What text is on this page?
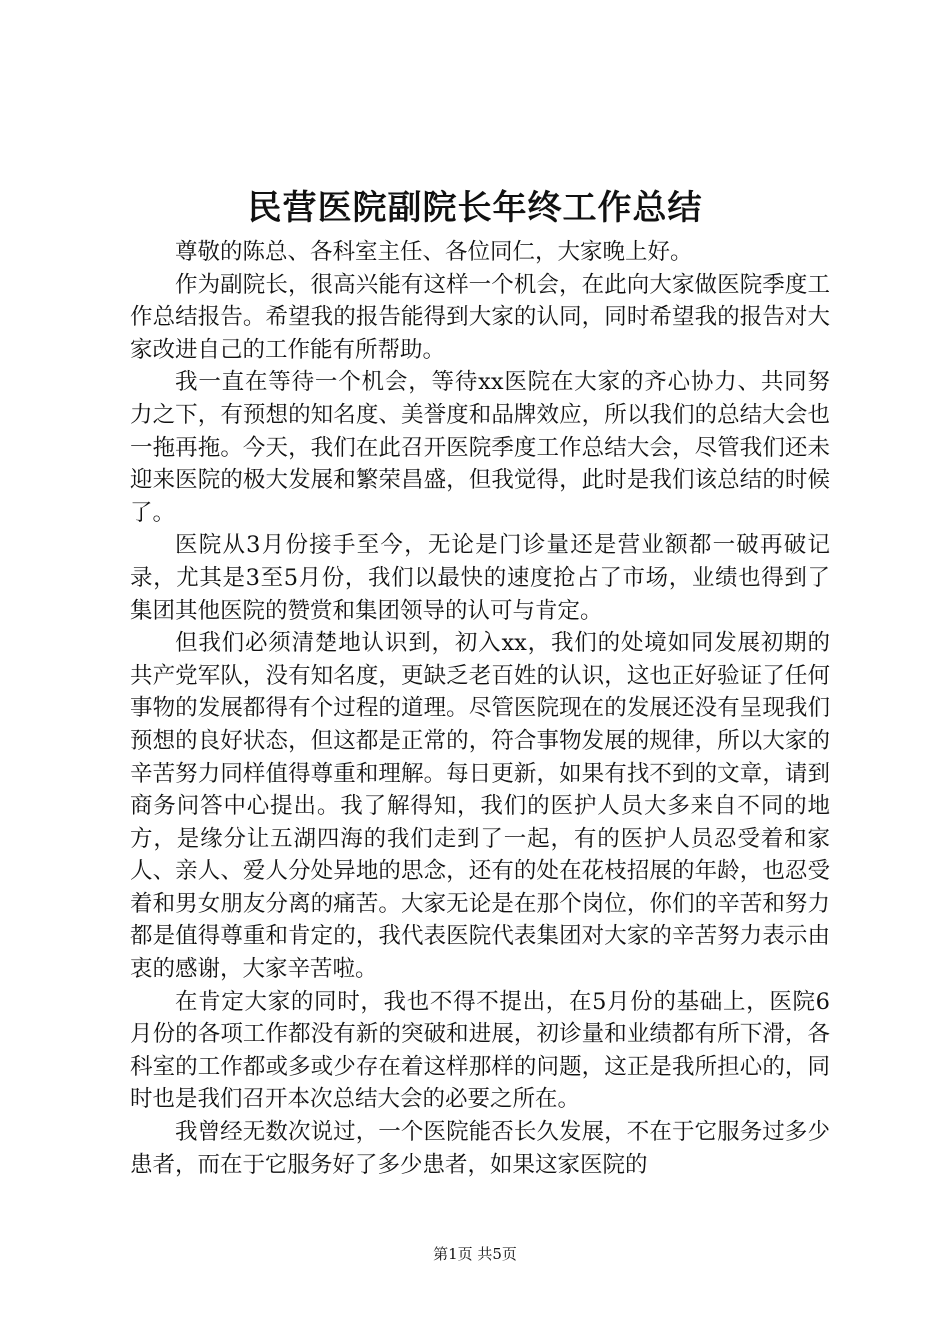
民营医院副院长年终工作总结

尊敬的陈总、各科室主任、各位同仁，大家晚上好。

作为副院长，很高兴能有这样一个机会，在此向大家做医院季度工作总结报告。希望我的报告能得到大家的认同，同时希望我的报告对大家改进自己的工作能有所帮助。

我一直在等待一个机会，等待xx医院在大家的齐心协力、共同努力之下，有预想的知名度、美誉度和品牌效应，所以我们的总结大会也一拖再拖。今天，我们在此召开医院季度工作总结大会，尽管我们还未迎来医院的极大发展和繁荣昌盛，但我觉得，此时是我们该总结的时候了。

医院从3月份接手至今，无论是门诊量还是营业额都一破再破记录，尤其是3至5月份，我们以最快的速度抢占了市场，业绩也得到了集团其他医院的赞赏和集团领导的认可与肯定。

但我们必须清楚地认识到，初入xx，我们的处境如同发展初期的共产党军队，没有知名度，更缺乏老百姓的认识，这也正好验证了任何事物的发展都得有个过程的道理。尽管医院现在的发展还没有呈现我们预想的良好状态，但这都是正常的，符合事物发展的规律，所以大家的辛苦努力同样值得尊重和理解。每日更新，如果有找不到的文章，请到商务问答中心提出。我了解得知，我们的医护人员大多来自不同的地方，是缘分让五湖四海的我们走到了一起，有的医护人员忍受着和家人、亲人、爱人分处异地的思念，还有的处在花枝招展的年龄，也忍受着和男女朋友分离的痛苦。大家无论是在那个岗位，你们的辛苦和努力都是值得尊重和肯定的，我代表医院代表集团对大家的辛苦努力表示由衷的感谢，大家辛苦啦。

在肯定大家的同时，我也不得不提出，在5月份的基础上，医院6月份的各项工作都没有新的突破和进展，初诊量和业绩都有所下滑，各科室的工作都或多或少存在着这样那样的问题，这正是我所担心的，同时也是我们召开本次总结大会的必要之所在。

我曾经无数次说过，一个医院能否长久发展，不在于它服务过多少患者，而在于它服务好了多少患者，如果这家医院的

第1页 共5页
